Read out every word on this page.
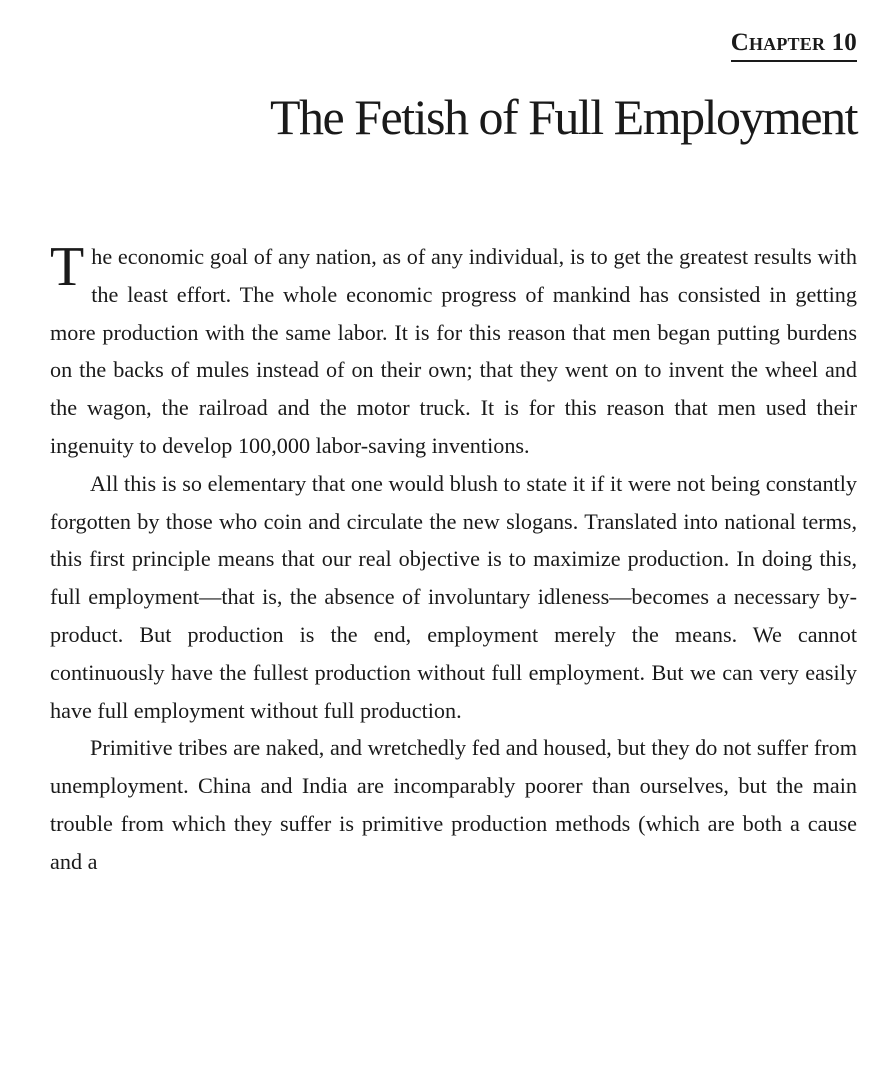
Chapter 10
The Fetish of Full Employment

The economic goal of any nation, as of any individual, is to get the greatest results with the least effort. The whole economic progress of mankind has consisted in getting more production with the same labor. It is for this reason that men began putting burdens on the backs of mules instead of on their own; that they went on to invent the wheel and the wagon, the railroad and the motor truck. It is for this reason that men used their ingenuity to develop 100,000 labor-saving inventions.

All this is so elementary that one would blush to state it if it were not being constantly forgotten by those who coin and circulate the new slogans. Translated into national terms, this first principle means that our real objective is to maximize production. In doing this, full employment—that is, the absence of involuntary idleness—becomes a necessary by-product. But production is the end, employment merely the means. We cannot continuously have the fullest production without full employment. But we can very easily have full employment without full production.

Primitive tribes are naked, and wretchedly fed and housed, but they do not suffer from unemployment. China and India are incomparably poorer than ourselves, but the main trouble from which they suffer is primitive production methods (which are both a cause and a
